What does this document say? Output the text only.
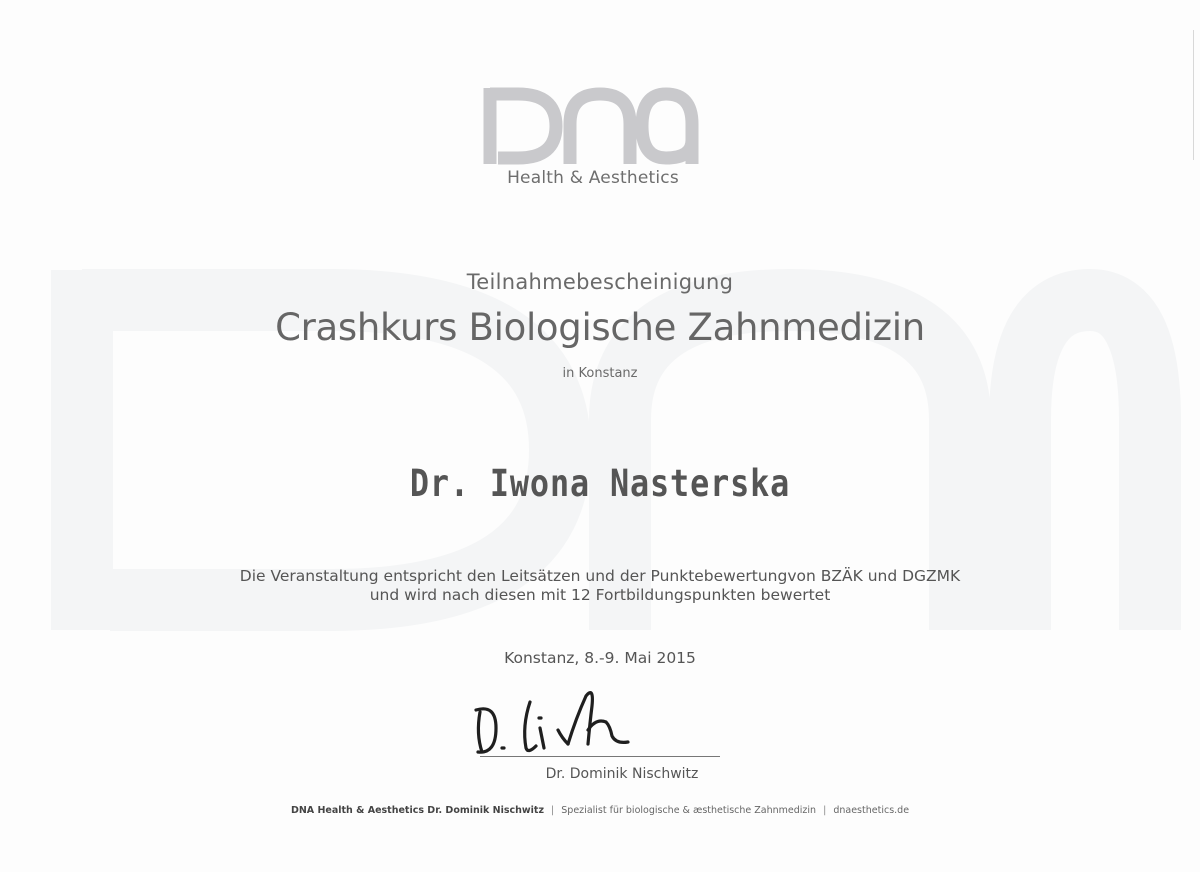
Health & Aesthetics
Teilnahmebescheinigung
Crashkurs Biologische Zahnmedizin
in Konstanz
Dr. Iwona Nasterska
Die Veranstaltung entspricht den Leitsätzen und der Punktebewertungvon BZÄK und DGZMK
und wird nach diesen mit 12 Fortbildungspunkten bewertet
Konstanz, 8.-9. Mai 2015
Dr. Dominik Nischwitz
DNA Health & Aesthetics Dr. Dominik Nischwitz | Spezialist für biologische & æsthetische Zahnmedizin | dnaesthetics.de
